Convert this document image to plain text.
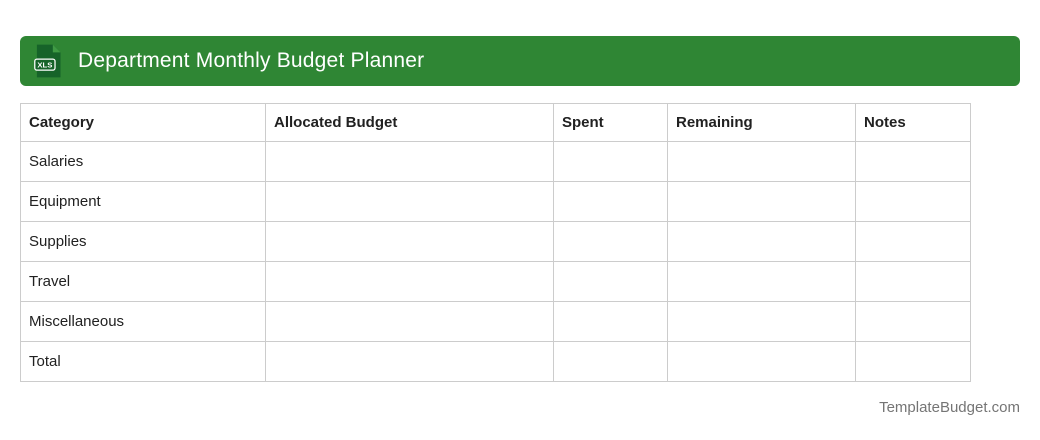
XLS Department Monthly Budget Planner
Category	Allocated Budget	Spent	Remaining	Notes
Salaries				
Equipment				
Supplies				
Travel				
Miscellaneous				
Total				
TemplateBudget.com
